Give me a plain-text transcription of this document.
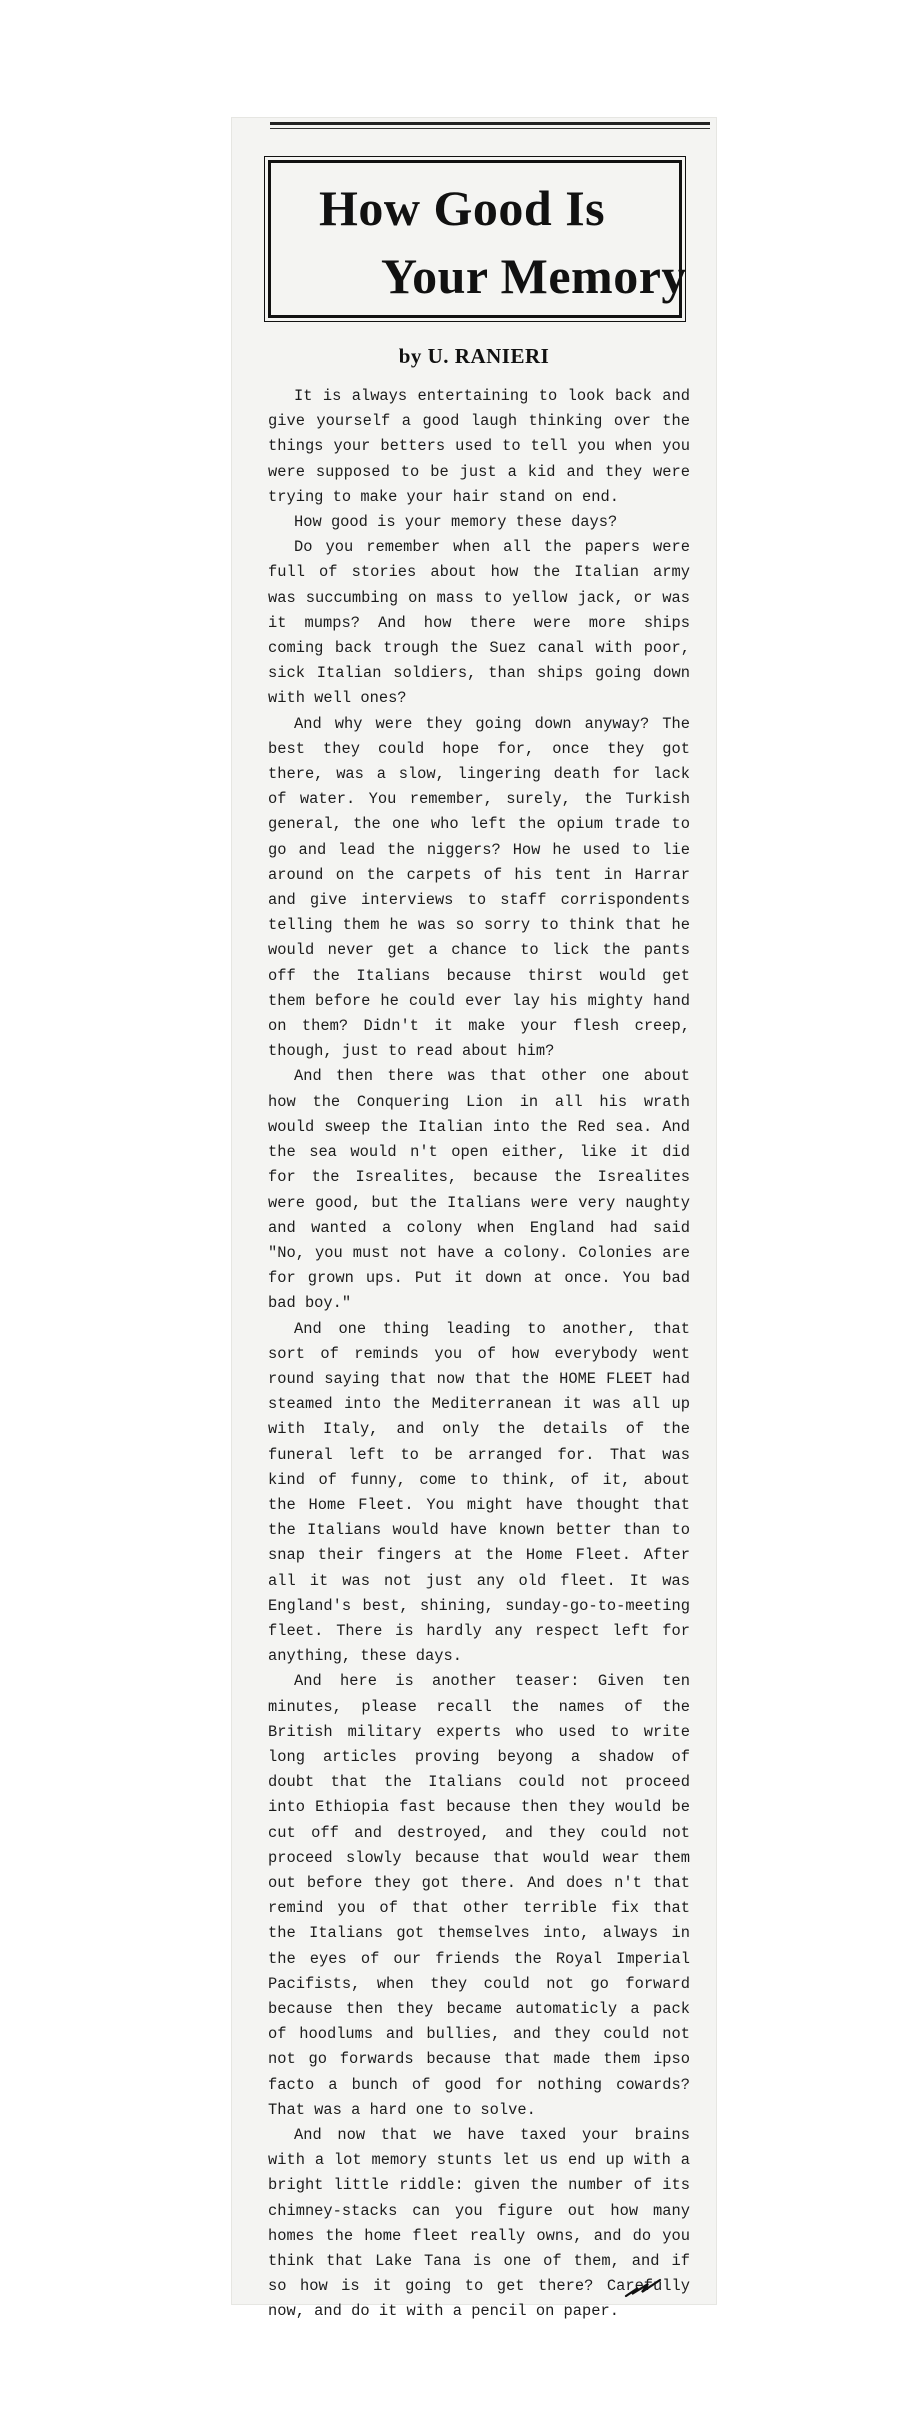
How Good Is
Your Memory
by U. RANIERI

It is always entertaining to look back and give yourself a good laugh thinking over the things your betters used to tell you when you were supposed to be just a kid and they were trying to make your hair stand on end.

How good is your memory these days?

Do you remember when all the papers were full of stories about how the Italian army was succumbing on mass to yellow jack, or was it mumps? And how there were more ships coming back trough the Suez canal with poor, sick Italian soldiers, than ships going down with well ones?

And why were they going down anyway? The best they could hope for, once they got there, was a slow, lingering death for lack of water. You remember, surely, the Turkish general, the one who left the opium trade to go and lead the niggers? How he used to lie around on the carpets of his tent in Harrar and give interviews to staff corrispondents telling them he was so sorry to think that he would never get a chance to lick the pants off the Italians because thirst would get them before he could ever lay his mighty hand on them? Didn't it make your flesh creep, though, just to read about him?

And then there was that other one about how the Conquering Lion in all his wrath would sweep the Italian into the Red sea. And the sea would n't open either, like it did for the Isrealites, because the Isrealites were good, but the Italians were very naughty and wanted a colony when England had said "No, you must not have a colony. Colonies are for grown ups. Put it down at once. You bad bad boy."

And one thing leading to another, that sort of reminds you of how everybody went round saying that now that the HOME FLEET had steamed into the Mediterranean it was all up with Italy, and only the details of the funeral left to be arranged for. That was kind of funny, come to think, of it, about the Home Fleet. You might have thought that the Italians would have known better than to snap their fingers at the Home Fleet. After all it was not just any old fleet. It was England's best, shining, sunday-go-to-meeting fleet. There is hardly any respect left for anything, these days.

And here is another teaser: Given ten minutes, please recall the names of the British military experts who used to write long articles proving beyong a shadow of doubt that the Italians could not proceed into Ethiopia fast because then they would be cut off and destroyed, and they could not proceed slowly because that would wear them out before they got there. And does n't that remind you of that other terrible fix that the Italians got themselves into, always in the eyes of our friends the Royal Imperial Pacifists, when they could not go forward because then they became automaticly a pack of hoodlums and bullies, and they could not not go forwards because that made them ipso facto a bunch of good for nothing cowards? That was a hard one to solve.

And now that we have taxed your brains with a lot memory stunts let us end up with a bright little riddle: given the number of its chimney-stacks can you figure out how many homes the home fleet really owns, and do you think that Lake Tana is one of them, and if so how is it going to get there? Carefully now, and do it with a pencil on paper.
